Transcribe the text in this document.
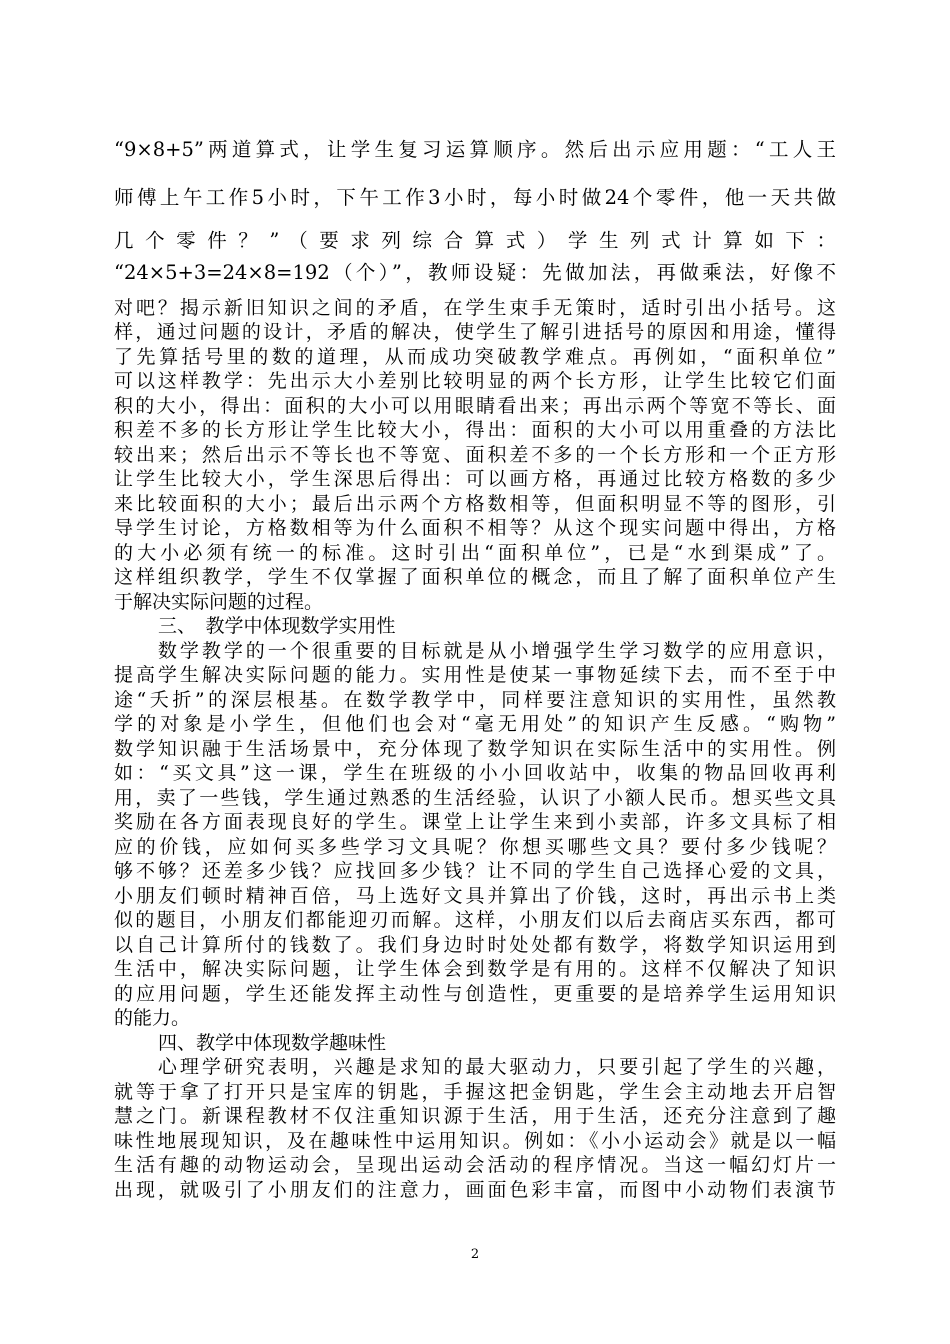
“9×8+5”两道算式，让学生复习运算顺序。然后出示应用题：“工人王
师傅上午工作5小时，下午工作3小时，每小时做24个零件，他一天共做
几 个 零 件 ？ ” （ 要 求 列 综 合 算 式 ） 学 生 列 式 计 算 如 下 ：
“24×5+3=24×8=192（个）”，教师设疑：先做加法，再做乘法，好像不
对吧？揭示新旧知识之间的矛盾，在学生束手无策时，适时引出小括号。这
样，通过问题的设计，矛盾的解决，使学生了解引进括号的原因和用途，懂得
了先算括号里的数的道理，从而成功突破教学难点。再例如，“面积单位”
可以这样教学：先出示大小差别比较明显的两个长方形，让学生比较它们面
积的大小，得出：面积的大小可以用眼睛看出来；再出示两个等宽不等长、面
积差不多的长方形让学生比较大小，得出：面积的大小可以用重叠的方法比
较出来；然后出示不等长也不等宽、面积差不多的一个长方形和一个正方形
让学生比较大小，学生深思后得出：可以画方格，再通过比较方格数的多少
来比较面积的大小；最后出示两个方格数相等，但面积明显不等的图形，引
导学生讨论，方格数相等为什么面积不相等？从这个现实问题中得出，方格
的大小必须有统一的标准。这时引出“面积单位”，已是“水到渠成”了。
这样组织教学，学生不仅掌握了面积单位的概念，而且了解了面积单位产生
于解决实际问题的过程。
三、　教学中体现数学实用性
　　数学教学的一个很重要的目标就是从小增强学生学习数学的应用意识，
提高学生解决实际问题的能力。实用性是使某一事物延续下去，而不至于中
途“夭折”的深层根基。在数学教学中，同样要注意知识的实用性，虽然教
学的对象是小学生，但他们也会对“毫无用处”的知识产生反感。“购物”
数学知识融于生活场景中，充分体现了数学知识在实际生活中的实用性。例
如：“买文具”这一课，学生在班级的小小回收站中，收集的物品回收再利
用，卖了一些钱，学生通过熟悉的生活经验，认识了小额人民币。想买些文具
奖励在各方面表现良好的学生。课堂上让学生来到小卖部，许多文具标了相
应的价钱，应如何买多些学习文具呢？你想买哪些文具？要付多少钱呢？
够不够？还差多少钱？应找回多少钱？让不同的学生自己选择心爱的文具，
小朋友们顿时精神百倍，马上选好文具并算出了价钱，这时，再出示书上类
似的题目，小朋友们都能迎刃而解。这样，小朋友们以后去商店买东西，都可
以自己计算所付的钱数了。我们身边时时处处都有数学，将数学知识运用到
生活中，解决实际问题，让学生体会到数学是有用的。这样不仅解决了知识
的应用问题，学生还能发挥主动性与创造性，更重要的是培养学生运用知识
的能力。
四、教学中体现数学趣味性
　　心理学研究表明，兴趣是求知的最大驱动力，只要引起了学生的兴趣，
就等于拿了打开只是宝库的钥匙，手握这把金钥匙，学生会主动地去开启智
慧之门。新课程教材不仅注重知识源于生活，用于生活，还充分注意到了趣
味性地展现知识，及在趣味性中运用知识。例如：《小小运动会》就是以一幅
生活有趣的动物运动会，呈现出运动会活动的程序情况。当这一幅幻灯片一
出现，就吸引了小朋友们的注意力，画面色彩丰富，而图中小动物们表演节
2
